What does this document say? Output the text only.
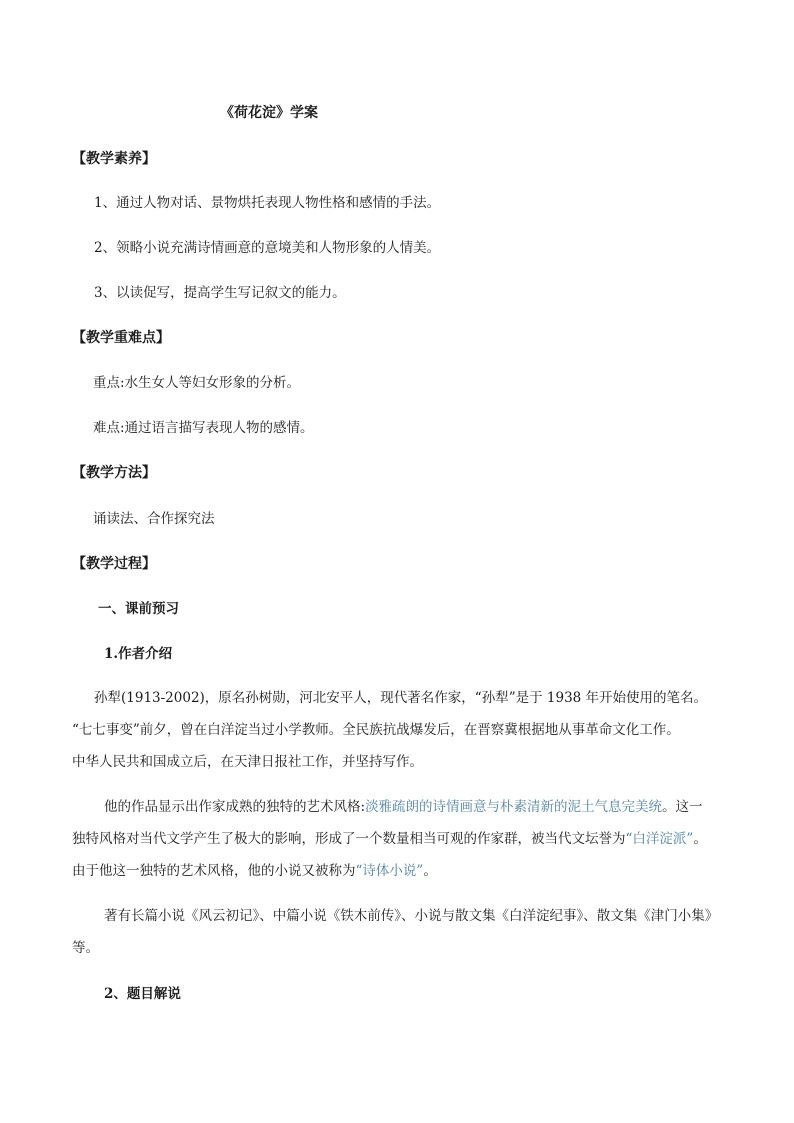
《荷花淀》学案
【教学素养】
1、通过人物对话、景物烘托表现人物性格和感情的手法。
2、领略小说充满诗情画意的意境美和人物形象的人情美。
3、以读促写，提高学生写记叙文的能力。
【教学重难点】
重点:水生女人等妇女形象的分析。
难点:通过语言描写表现人物的感情。
【教学方法】
诵读法、合作探究法
【教学过程】
一、课前预习
1.作者介绍
孙犁(1913-2002)，原名孙树勋，河北安平人，现代著名作家，“孙犁”是于 1938 年开始使用的笔名。
“七七事变”前夕，曾在白洋淀当过小学教师。全民族抗战爆发后，在晋察冀根据地从事革命文化工作。
中华人民共和国成立后，在天津日报社工作，并坚持写作。
他的作品显示出作家成熟的独特的艺术风格:淡雅疏朗的诗情画意与朴素清新的泥土气息完美统。这一
独特风格对当代文学产生了极大的影响，形成了一个数量相当可观的作家群，被当代文坛誉为“白洋淀派”。
由于他这一独特的艺术风格，他的小说又被称为“诗体小说”。
著有长篇小说《风云初记》、中篇小说《铁木前传》、小说与散文集《白洋淀纪事》、散文集《津门小集》
等。
2、题目解说
